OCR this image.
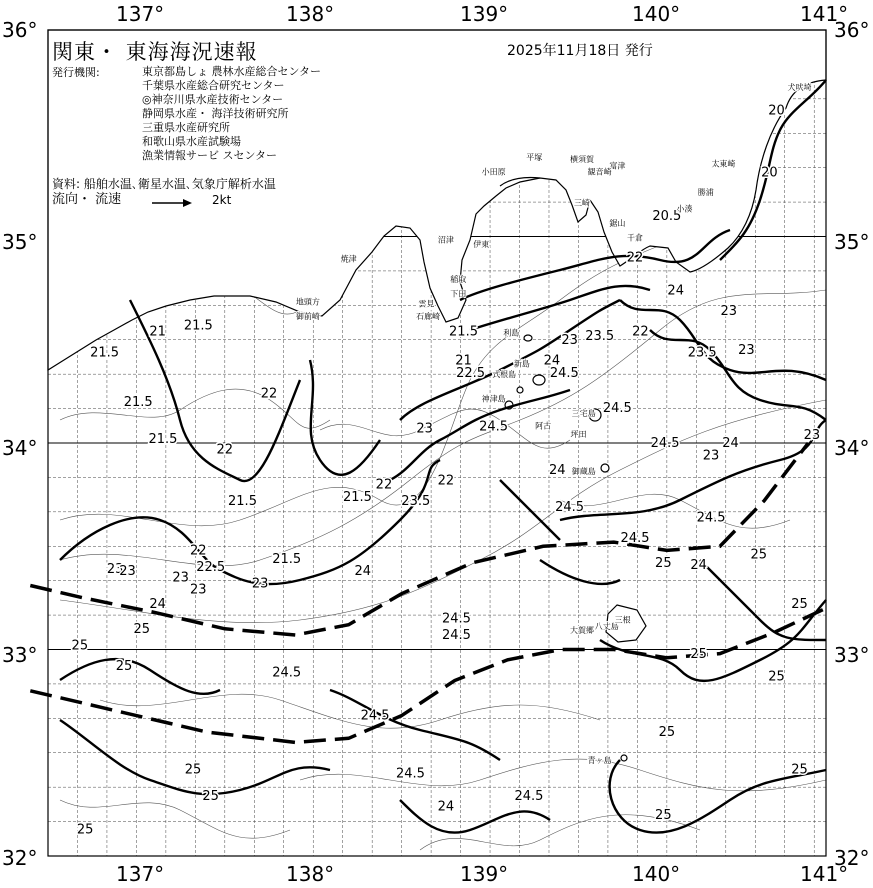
20
20
20.5
22
24
23
23.5 23
22
23.5
23
24
24.5
21.5
21
22.5
24.5
24.5
24.5	24
23
23
24
24.5
24.5
24.5
25 24
25
25
21.5
21 21.5
21.5
21.5
22
22
21.5	21.5
22
23
23.5
22
21.5
22
22.5
23	23
23
23
23
24
24
24.5
24.5
24.5
25
25
25
24.5
25
25
25
25
25
25
24.5
24
24.5
25
25
犬吠埼
太東崎
勝浦
小湊
富津
横須賀
観音崎
平塚
小田原
三崎
鋸山
千倉
焼津
沼津 伊東
稲取
下田
雲見
石廊崎
地頭方
御前崎
利島
新島
式根島
神津島
阿古
三宅島
坪田
御蔵島
八丈島
大賀郷
三根
青ヶ島
関東・ 東海海況速報	2025年11月18日 発行
発行機関:	東京都島しょ 農林水産総合センター
千葉県水産総合研究センター
◎神奈川県水産技術センター
静岡県水産・ 海洋技術研究所
三重県水産研究所
和歌山県水産試験場
漁業情報サービ スセンター
資料: 船舶水温､衛星水温､気象庁解析水温
流向・ 流速	2kt
137°	138°	139°	140°	141°
137°	138°	139°	140°	141°
36°
35°
34°
33°
32°
36°
35°
34°
33°
32°
